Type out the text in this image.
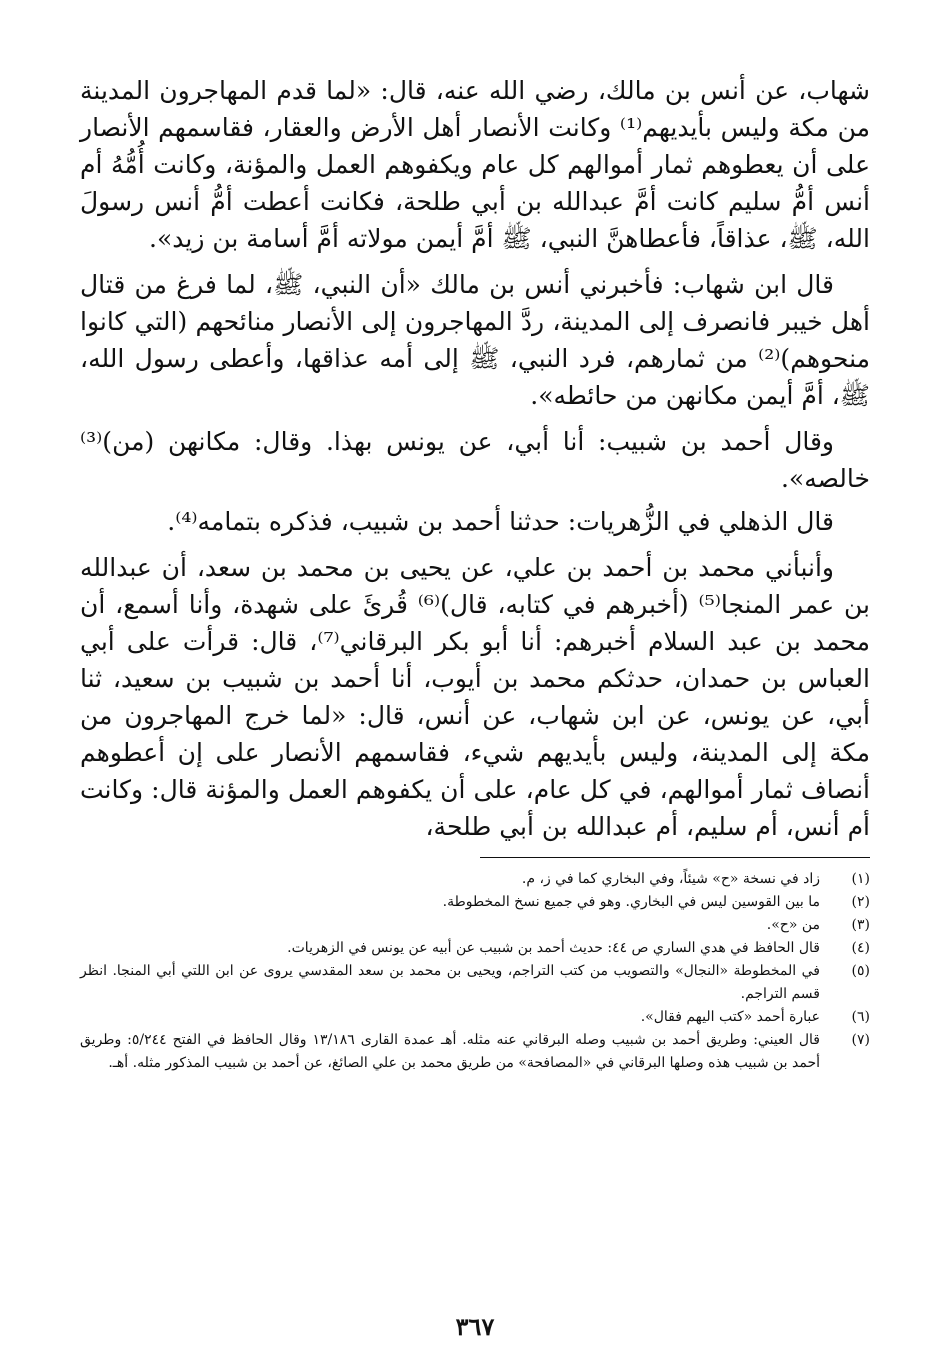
شهاب، عن أنس بن مالك، رضي الله عنه، قال: «لما قدم المهاجرون المدينة من مكة وليس بأيديهم⁽¹⁾ وكانت الأنصار أهل الأرض والعقار، فقاسمهم الأنصار على أن يعطوهم ثمار أموالهم كل عام ويكفوهم العمل والمؤنة، وكانت أُمُّهُ أم أنس أمُّ سليم كانت أمَّ عبدالله بن أبي طلحة، فكانت أعطت أمُّ أنس رسولَ الله، ﷺ، عذاقاً، فأعطاهنَّ النبي، ﷺ أمَّ أيمن مولاته أمَّ أسامة بن زيد».

قال ابن شهاب: فأخبرني أنس بن مالك «أن النبي، ﷺ، لما فرغ من قتال أهل خيبر فانصرف إلى المدينة، ردَّ المهاجرون إلى الأنصار منائحهم (التي كانوا منحوهم)⁽²⁾ من ثمارهم، فرد النبي، ﷺ إلى أمه عذاقها، وأعطى رسول الله، ﷺ، أمَّ أيمن مكانهن من حائطه».

وقال أحمد بن شبيب: أنا أبي، عن يونس بهذا. وقال: مكانهن (من)⁽³⁾ خالصه».

قال الذهلي في الزُّهريات: حدثنا أحمد بن شبيب، فذكره بتمامه⁽⁴⁾.

وأنبأني محمد بن أحمد بن علي، عن يحيى بن محمد بن سعد، أن عبدالله بن عمر المنجا⁽⁵⁾ (أخبرهم في كتابه، قال)⁽⁶⁾ قُرئَ على شهدة، وأنا أسمع، أن محمد بن عبد السلام أخبرهم: أنا أبو بكر البرقاني⁽⁷⁾، قال: قرأت على أبي العباس بن حمدان، حدثكم محمد بن أيوب، أنا أحمد بن شبيب بن سعيد، ثنا أبي، عن يونس، عن ابن شهاب، عن أنس، قال: «لما خرج المهاجرون من مكة إلى المدينة، وليس بأيديهم شيء، فقاسمهم الأنصار على إن أعطوهم أنصاف ثمار أموالهم، في كل عام، على أن يكفوهم العمل والمؤنة قال: وكانت أم أنس، أم سليم، أم عبدالله بن أبي طلحة،

(١)
زاد في نسخة «ح» شيئاً، وفي البخاري كما في ز، م.
(٢)
ما بين القوسين ليس في البخاري. وهو في جميع نسخ المخطوطة.
(٣)
من «ح».
(٤)
قال الحافظ في هدي الساري ص ٤٤: حديث أحمد بن شبيب عن أبيه عن يونس في الزهريات.
(٥)
في المخطوطة «النجال» والتصويب من كتب التراجم، ويحيى بن محمد بن سعد المقدسي يروى عن ابن اللتي أبي المنجا. انظر قسم التراجم.
(٦)
عبارة أحمد «كتب اليهم فقال».
(٧)
قال العيني: وطريق أحمد بن شبيب وصله البرقاني عنه مثله. أهـ عمدة القارى ١٣/١٨٦ وقال الحافظ في الفتح ٥/٢٤٤: وطريق أحمد بن شبيب هذه وصلها البرقاني في «المصافحة» من طريق محمد بن علي الصائغ، عن أحمد بن شبيب المذكور مثله. أهـ.
٣٦٧
